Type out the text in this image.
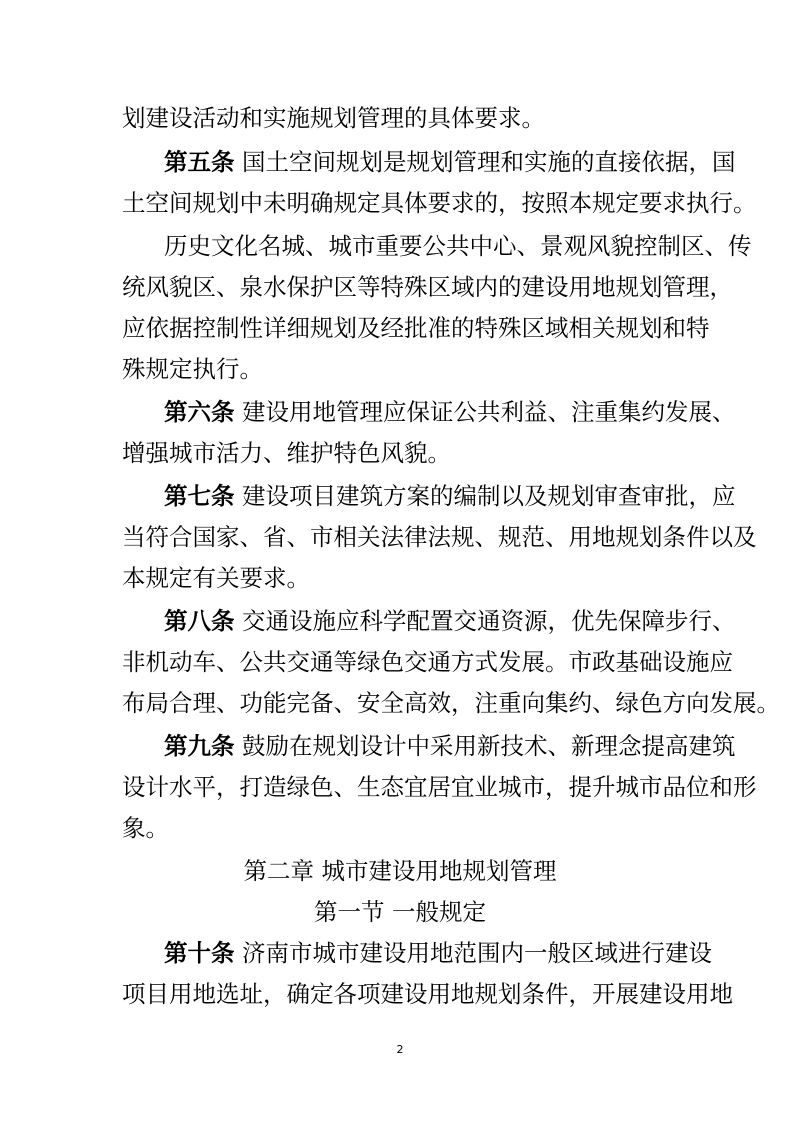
划建设活动和实施规划管理的具体要求。
第五条 国土空间规划是规划管理和实施的直接依据，国
土空间规划中未明确规定具体要求的，按照本规定要求执行。
历史文化名城、城市重要公共中心、景观风貌控制区、传
统风貌区、泉水保护区等特殊区域内的建设用地规划管理，
应依据控制性详细规划及经批准的特殊区域相关规划和特
殊规定执行。
第六条 建设用地管理应保证公共利益、注重集约发展、
增强城市活力、维护特色风貌。
第七条 建设项目建筑方案的编制以及规划审查审批，应
当符合国家、省、市相关法律法规、规范、用地规划条件以及
本规定有关要求。
第八条 交通设施应科学配置交通资源，优先保障步行、
非机动车、公共交通等绿色交通方式发展。市政基础设施应
布局合理、功能完备、安全高效，注重向集约、绿色方向发展。
第九条 鼓励在规划设计中采用新技术、新理念提高建筑
设计水平，打造绿色、生态宜居宜业城市，提升城市品位和形
象。
第二章 城市建设用地规划管理
第一节 一般规定
第十条 济南市城市建设用地范围内一般区域进行建设
项目用地选址，确定各项建设用地规划条件，开展建设用地
2
